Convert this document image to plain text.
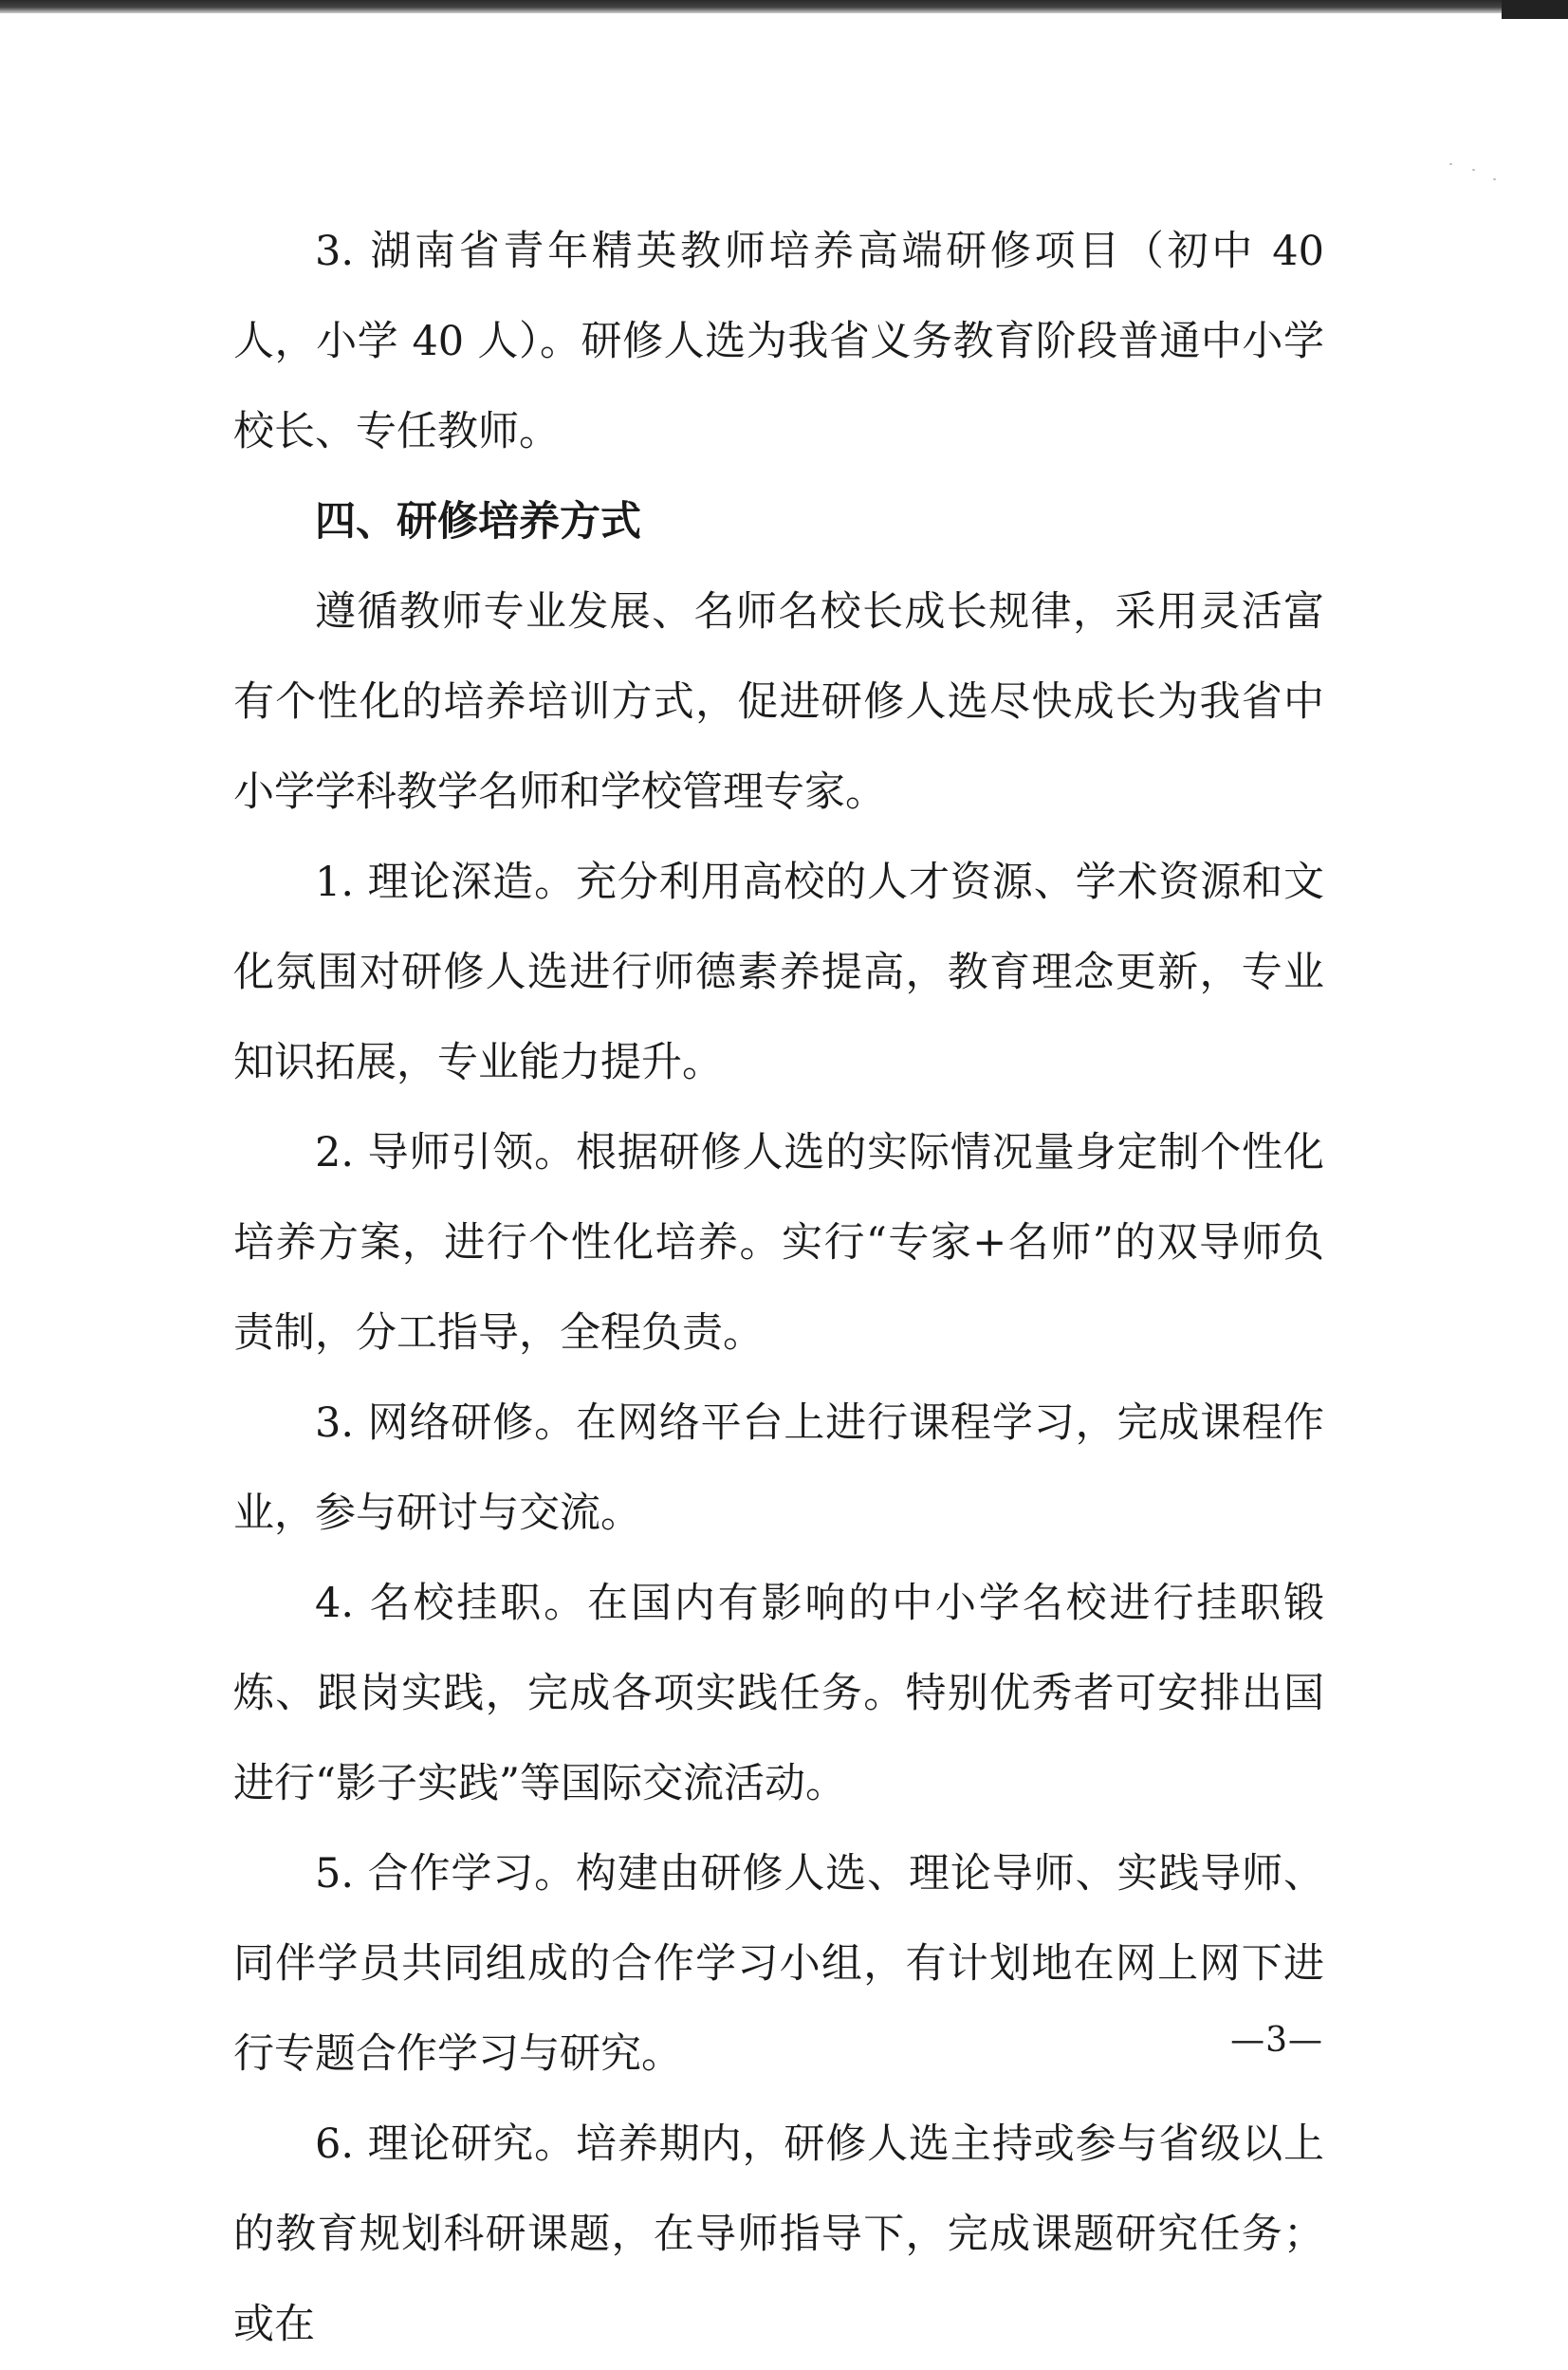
3. 湖南省青年精英教师培养高端研修项目（初中 40 人，小学 40 人）。研修人选为我省义务教育阶段普通中小学校长、专任教师。

四、研修培养方式

遵循教师专业发展、名师名校长成长规律，采用灵活富有个性化的培养培训方式，促进研修人选尽快成长为我省中小学学科教学名师和学校管理专家。

1. 理论深造。充分利用高校的人才资源、学术资源和文化氛围对研修人选进行师德素养提高，教育理念更新，专业知识拓展，专业能力提升。

2. 导师引领。根据研修人选的实际情况量身定制个性化培养方案，进行个性化培养。实行“专家+名师”的双导师负责制，分工指导，全程负责。

3. 网络研修。在网络平台上进行课程学习，完成课程作业，参与研讨与交流。

4. 名校挂职。在国内有影响的中小学名校进行挂职锻炼、跟岗实践，完成各项实践任务。特别优秀者可安排出国进行“影子实践”等国际交流活动。

5. 合作学习。构建由研修人选、理论导师、实践导师、同伴学员共同组成的合作学习小组，有计划地在网上网下进行专题合作学习与研究。

6. 理论研究。培养期内，研修人选主持或参与省级以上的教育规划科研课题，在导师指导下，完成课题研究任务；或在

—3—
